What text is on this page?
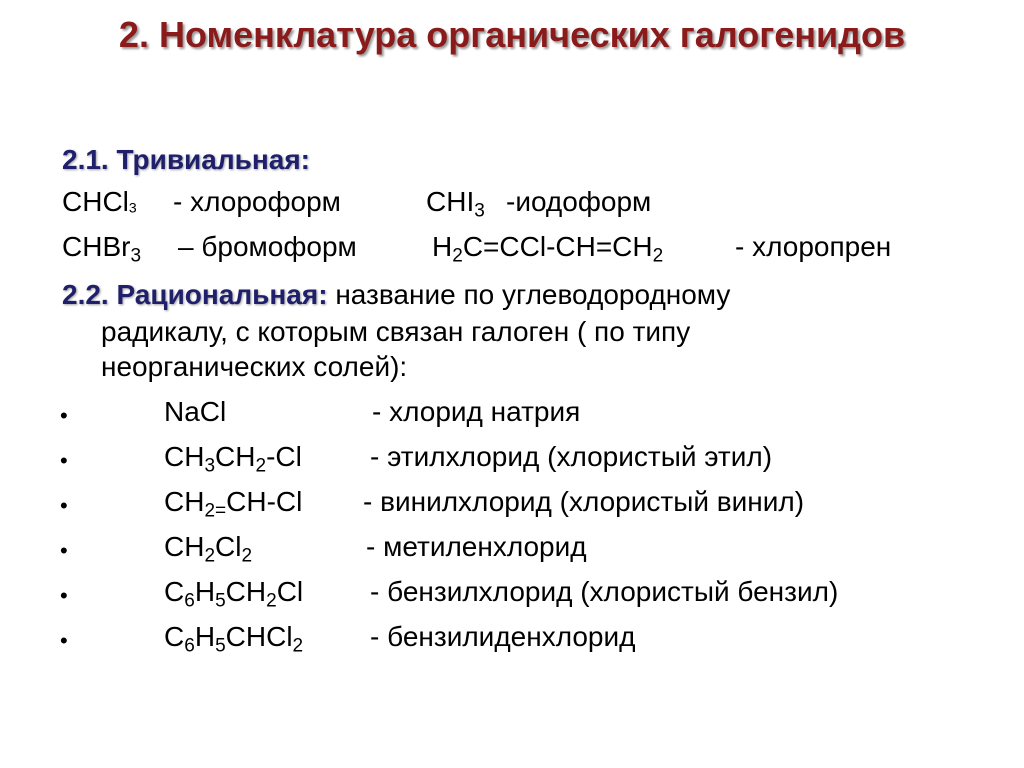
2. Номенклатура органических галогенидов
2.1. Тривиальная:
CHCl$_3$ - хлороформ	$CHI_3$ -иодоформ
CHBr$_3$ – бромоформ	$H_2C=CCl-CH=CH_2$	- хлоропрен
2.2. Рациональная: название по углеводородному
радикалу, с которым связан галоген ( по типу
неорганических солей):
•	NaCl	- хлорид натрия
•	$CH_3CH_2-Cl$ - этилхлорид (хлористый этил)
•	$CH_{2=}CH-Cl$ - винилхлорид (хлористый винил)
•	$CH_2Cl_2$	- метиленхлорид
•	$C_6H_5CH_2Cl$ - бензилхлорид (хлористый бензил)
•	$C_6H_5CHCl_2$ - бензилиденхлорид
